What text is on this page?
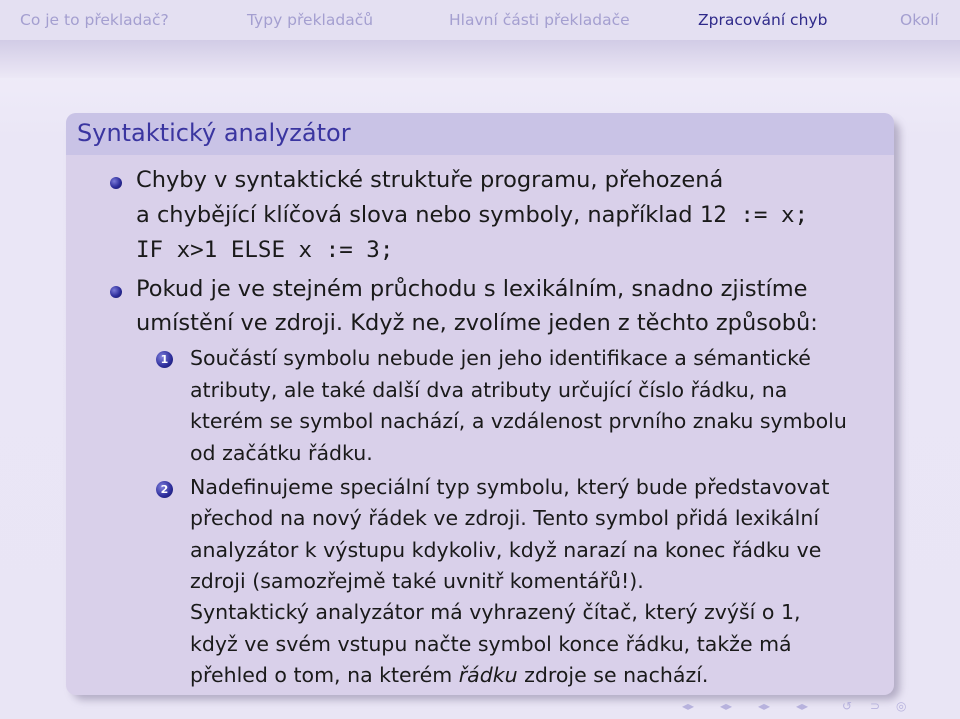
Co je to překladač?	Typy překladačů	Hlavní části překladače	Zpracování chyb	Okolí
Syntaktický analyzátor
Chyby v syntaktické struktuře programu, přehozená
a chybějící klíčová slova nebo symboly, například 12 := x;
IF x>1 ELSE x := 3;
Pokud je ve stejném průchodu s lexikálním, snadno zjistíme
umístění ve zdroji. Když ne, zvolíme jeden z těchto způsobů:
1 Součástí symbolu nebude jen jeho identifikace a sémantické
atributy, ale také další dva atributy určující číslo řádku, na
kterém se symbol nachází, a vzdálenost prvního znaku symbolu
od začátku řádku.
2 Nadefinujeme speciální typ symbolu, který bude představovat
přechod na nový řádek ve zdroji. Tento symbol přidá lexikální
analyzátor k výstupu kdykoliv, když narazí na konec řádku ve
zdroji (samozřejmě také uvnitř komentářů!).
Syntaktický analyzátor má vyhrazený čítač, který zvýší o 1,
když ve svém vstupu načte symbol konce řádku, takže má
přehled o tom, na kterém řádku zdroje se nachází.
◂▸ ◂▸ ◂▸ ◂▸	↺ ⊃ ◎
